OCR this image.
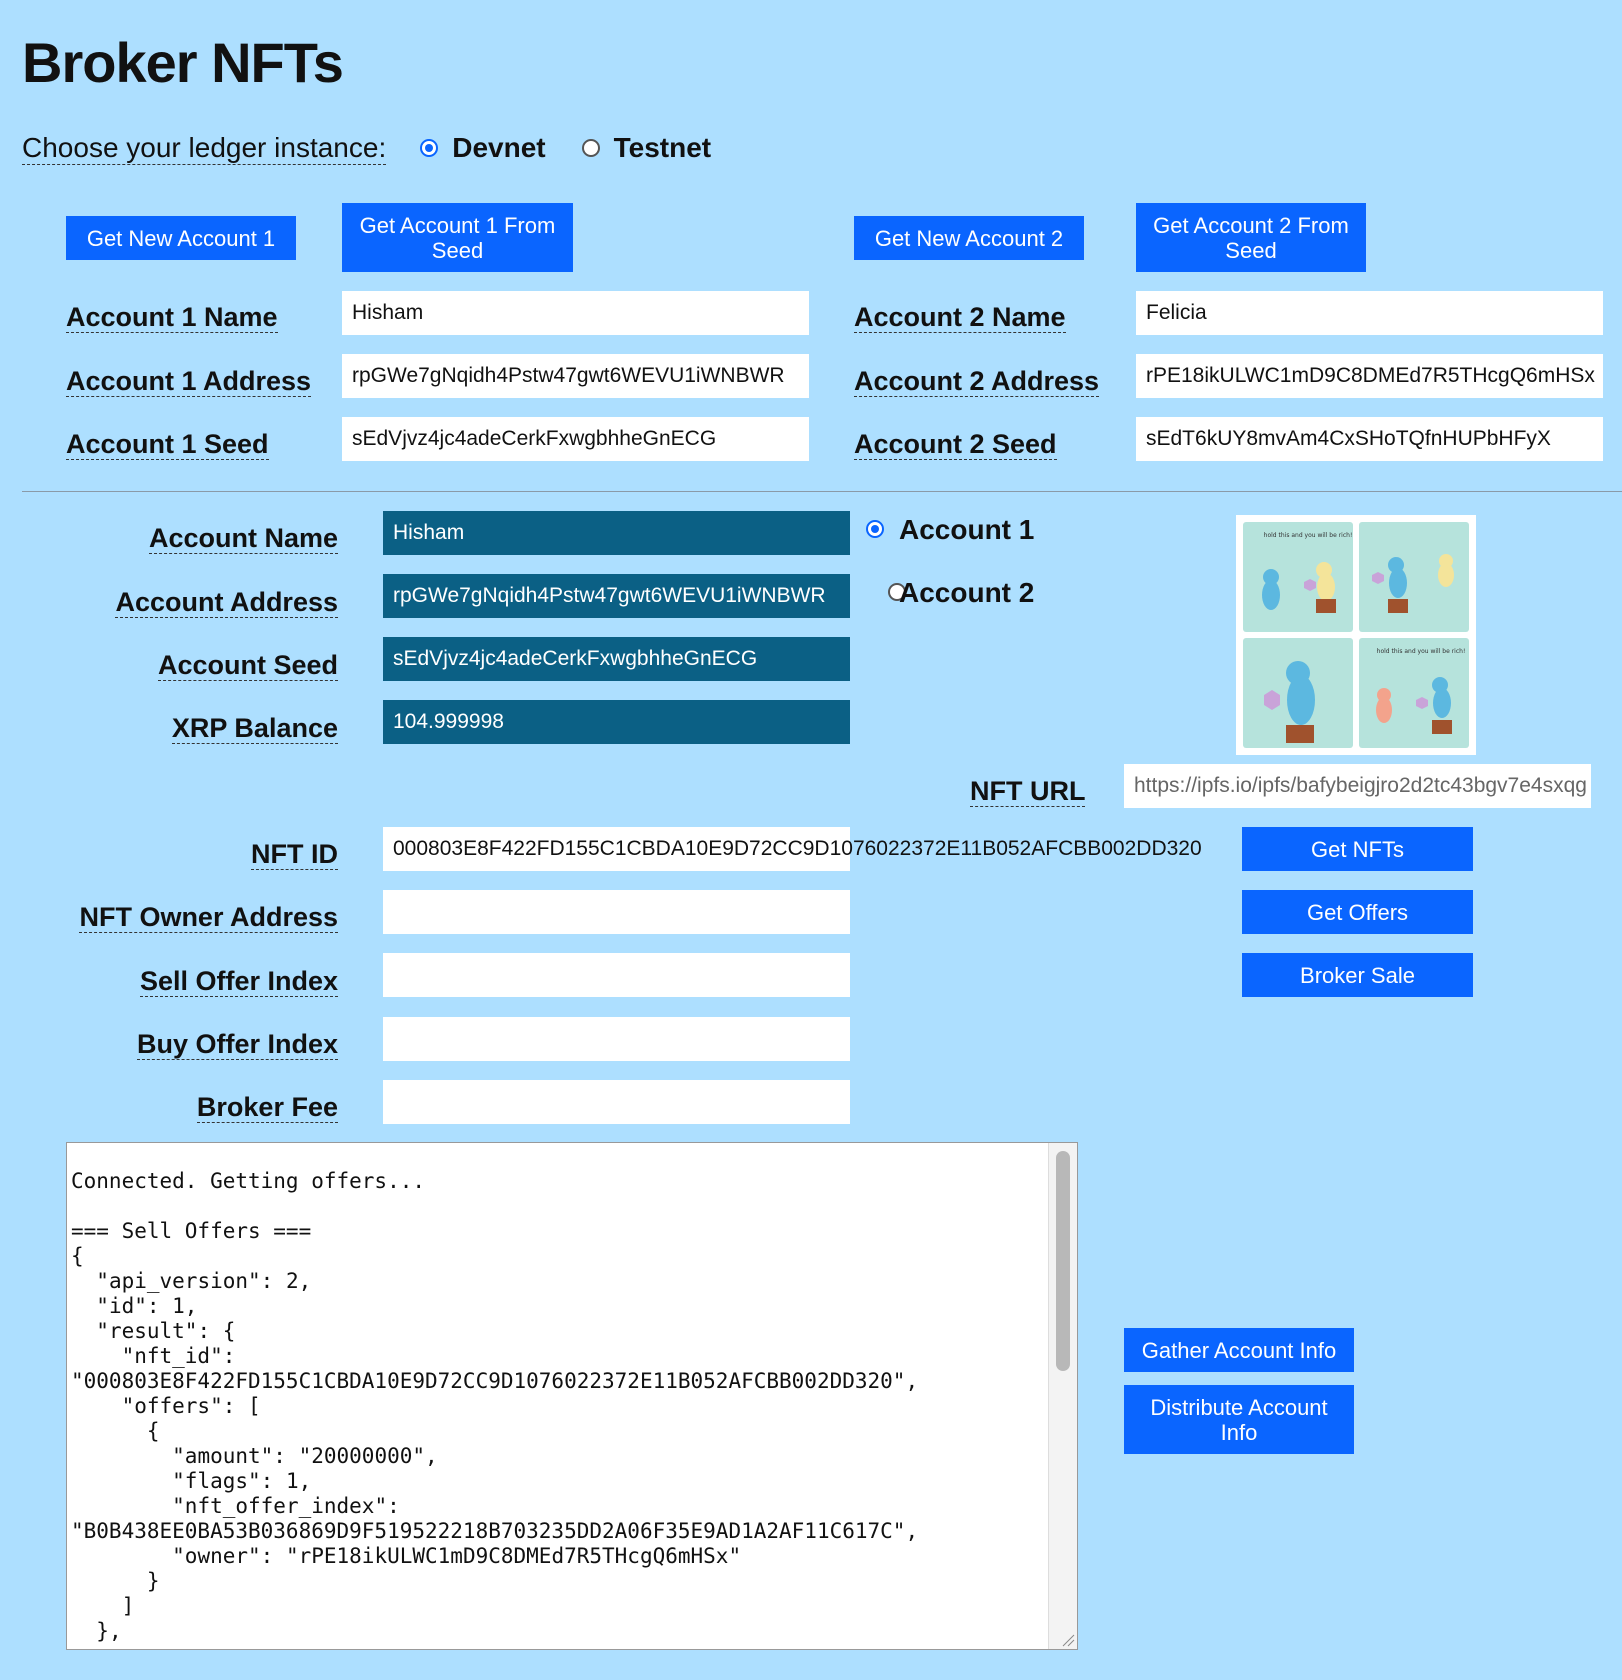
Broker NFTs
Choose your ledger instance: Devnet Testnet
Get New Account 1
Get Account 1 From Seed	Get New Account 2
Get Account 2 From Seed
Account 1 Name	Hisham
Account 1 Address	rpGWe7gNqidh4Pstw47gwt6WEVU1iWNBWR
Account 1 Seed	sEdVjvz4jc4adeCerkFxwgbhheGnECG
Account 2 Name	Felicia
Account 2 Address	rPE18ikULWC1mD9C8DMEd7R5THcgQ6mHSx
Account 2 Seed	sEdT6kUY8mvAm4CxSHoTQfnHUPbHFyX
Account Name	Hisham
Account Address	rpGWe7gNqidh4Pstw47gwt6WEVU1iWNBWR
Account Seed	sEdVjvz4jc4adeCerkFxwgbhheGnECG
XRP Balance	104.999998

Account 1
Account 2
hold this and you will be rich!
hold this and you will be rich!
NFT URL	https://ipfs.io/ipfs/bafybeigjro2d2tc43bgv7e4sxqg
NFT ID	000803E8F422FD155C1CBDA10E9D72CC9D1076022372E11B052AFCBB002DD320
NFT Owner Address
Sell Offer Index
Buy Offer Index
Broker Fee
Get NFTs
Get Offers
Broker Sale
Gather Account Info
Distribute Account Info
Connected. Getting offers...

=== Sell Offers ===
{
"api_version": 2,
"id": 1,
"result": {
"nft_id":
"000803E8F422FD155C1CBDA10E9D72CC9D1076022372E11B052AFCBB002DD320",
"offers": [
{
"amount": "20000000",
"flags": 1,
"nft_offer_index":
"B0B438EE0BA53B036869D9F519522218B703235DD2A06F35E9AD1A2AF11C617C",
"owner": "rPE18ikULWC1mD9C8DMEd7R5THcgQ6mHSx"
}
]
},
